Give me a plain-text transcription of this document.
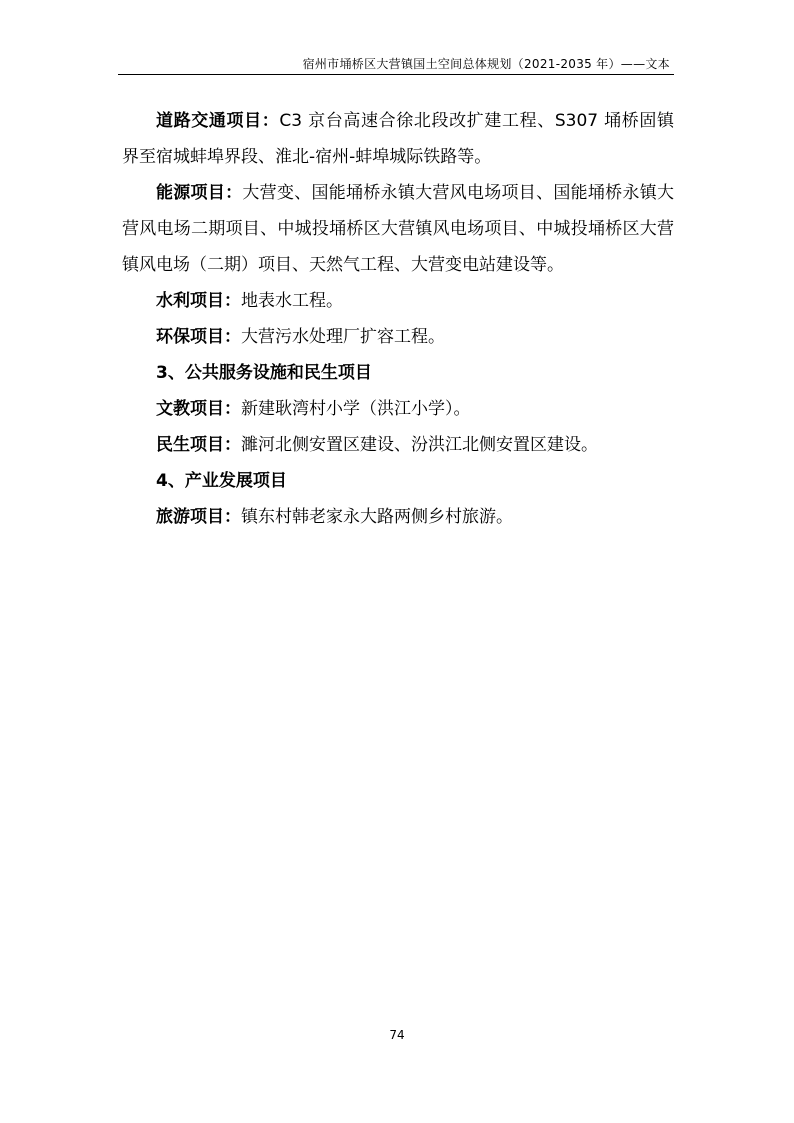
宿州市埇桥区大营镇国土空间总体规划（2021-2035 年）——文本

道路交通项目：C3 京台高速合徐北段改扩建工程、S307 埇桥固镇界至宿城蚌埠界段、淮北-宿州-蚌埠城际铁路等。

能源项目：大营变、国能埇桥永镇大营风电场项目、国能埇桥永镇大营风电场二期项目、中城投埇桥区大营镇风电场项目、中城投埇桥区大营镇风电场（二期）项目、天然气工程、大营变电站建设等。

水利项目：地表水工程。

环保项目：大营污水处理厂扩容工程。

3、公共服务设施和民生项目

文教项目：新建耿湾村小学（洪江小学）。

民生项目：濉河北侧安置区建设、汾洪江北侧安置区建设。

4、产业发展项目

旅游项目：镇东村韩老家永大路两侧乡村旅游。

74
